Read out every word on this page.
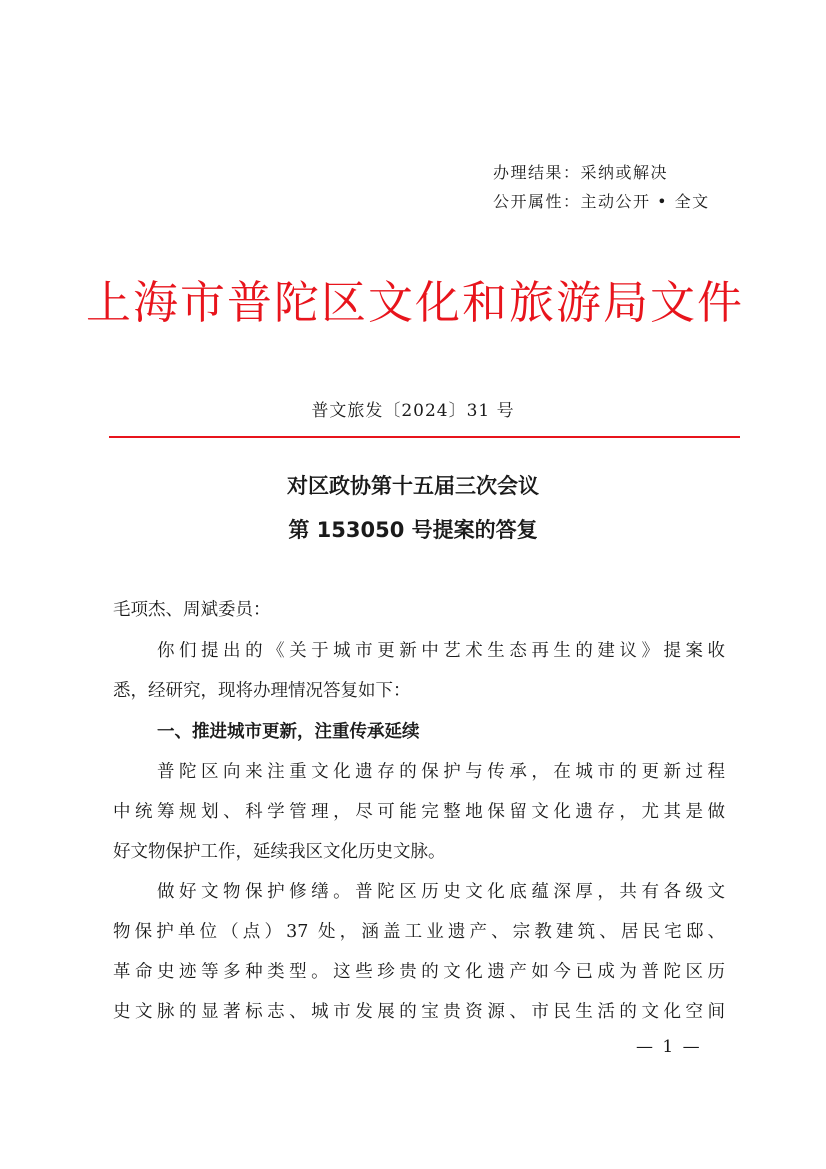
办理结果：采纳或解决
公开属性：主动公开 • 全文
上海市普陀区文化和旅游局文件
普文旅发〔2024〕31 号
对区政协第十五届三次会议
第 153050 号提案的答复
毛项杰、周斌委员：
你们提出的《关于城市更新中艺术生态再生的建议》提案收
悉，经研究，现将办理情况答复如下：
一、推进城市更新，注重传承延续
普陀区向来注重文化遗存的保护与传承，在城市的更新过程
中统筹规划、科学管理，尽可能完整地保留文化遗存，尤其是做
好文物保护工作，延续我区文化历史文脉。
做好文物保护修缮。普陀区历史文化底蕴深厚，共有各级文
物保护单位（点）37 处，涵盖工业遗产、宗教建筑、居民宅邸、
革命史迹等多种类型。这些珍贵的文化遗产如今已成为普陀区历
史文脉的显著标志、城市发展的宝贵资源、市民生活的文化空间
— 1 —
